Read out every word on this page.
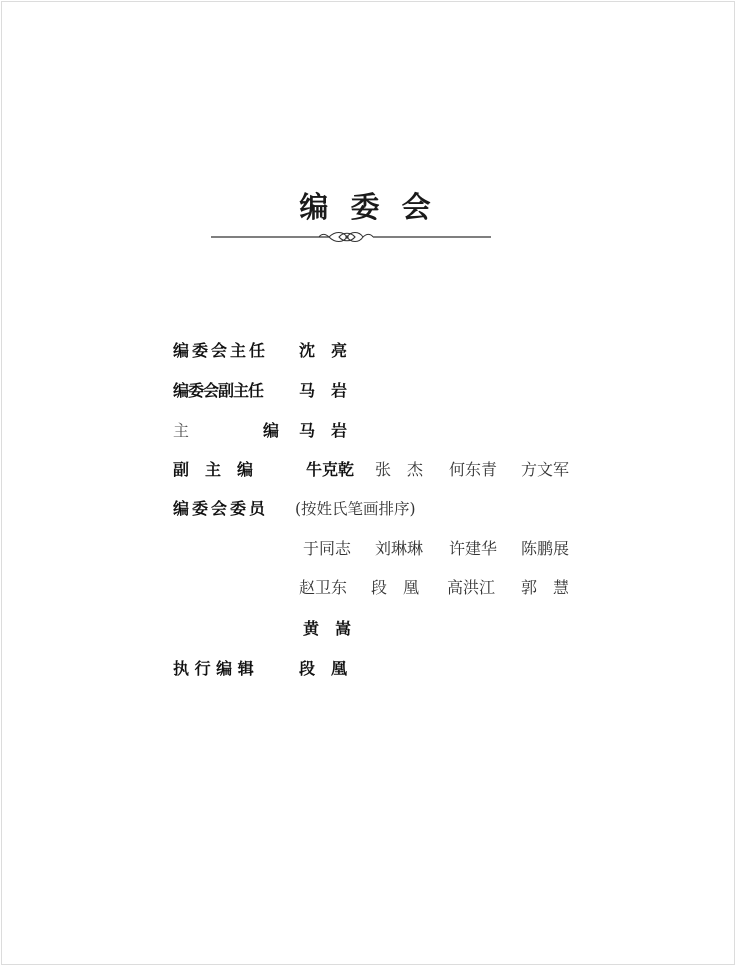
编 委 会
编委会主任 沈　亮
编委会副主任 马　岩
主	编 马　岩
副　主　编	牛克乾 张　杰 何东青 方文军
编委会委员 (按姓氏笔画排序)
于同志 刘琳琳 许建华 陈鹏展
赵卫东 段　凰 高洪江 郭　慧
黄　嵩
执 行 编 辑	段　凰
